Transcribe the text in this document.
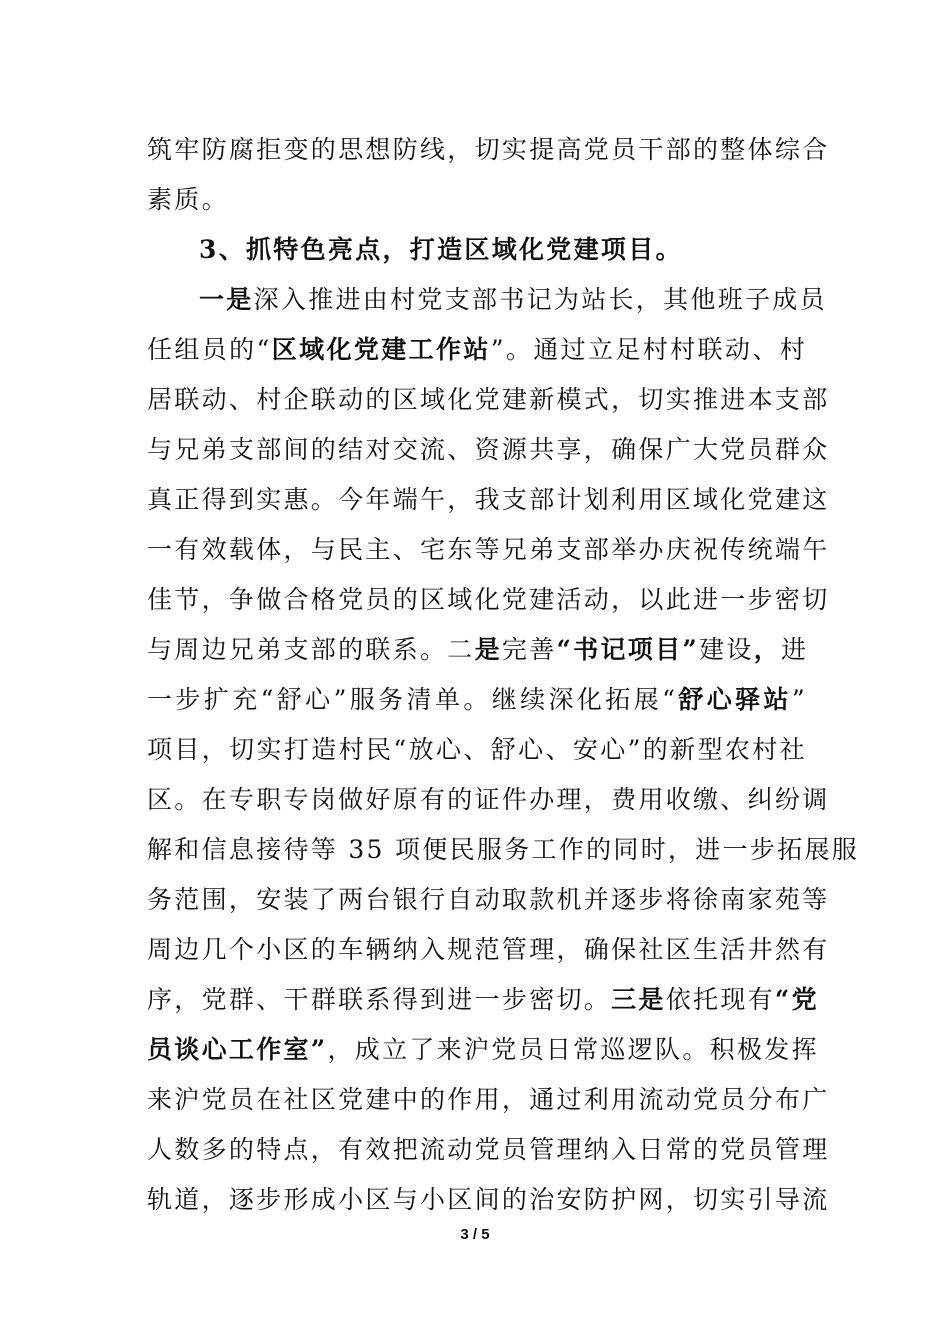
筑牢防腐拒变的思想防线，切实提高党员干部的整体综合
素质。
3、抓特色亮点，打造区域化党建项目。
一是深入推进由村党支部书记为站长，其他班子成员
任组员的“区域化党建工作站”。通过立足村村联动、村
居联动、村企联动的区域化党建新模式，切实推进本支部
与兄弟支部间的结对交流、资源共享，确保广大党员群众
真正得到实惠。今年端午，我支部计划利用区域化党建这
一有效载体，与民主、宅东等兄弟支部举办庆祝传统端午
佳节，争做合格党员的区域化党建活动，以此进一步密切
与周边兄弟支部的联系。二是完善“书记项目”建设，进
一步扩充“舒心”服务清单。继续深化拓展“舒心驿站”
项目，切实打造村民“放心、舒心、安心”的新型农村社
区。在专职专岗做好原有的证件办理，费用收缴、纠纷调
解和信息接待等 35 项便民服务工作的同时，进一步拓展服
务范围，安装了两台银行自动取款机并逐步将徐南家苑等
周边几个小区的车辆纳入规范管理，确保社区生活井然有
序，党群、干群联系得到进一步密切。三是依托现有“党
员谈心工作室”，成立了来沪党员日常巡逻队。积极发挥
来沪党员在社区党建中的作用，通过利用流动党员分布广
人数多的特点，有效把流动党员管理纳入日常的党员管理
轨道，逐步形成小区与小区间的治安防护网，切实引导流
3 / 5
